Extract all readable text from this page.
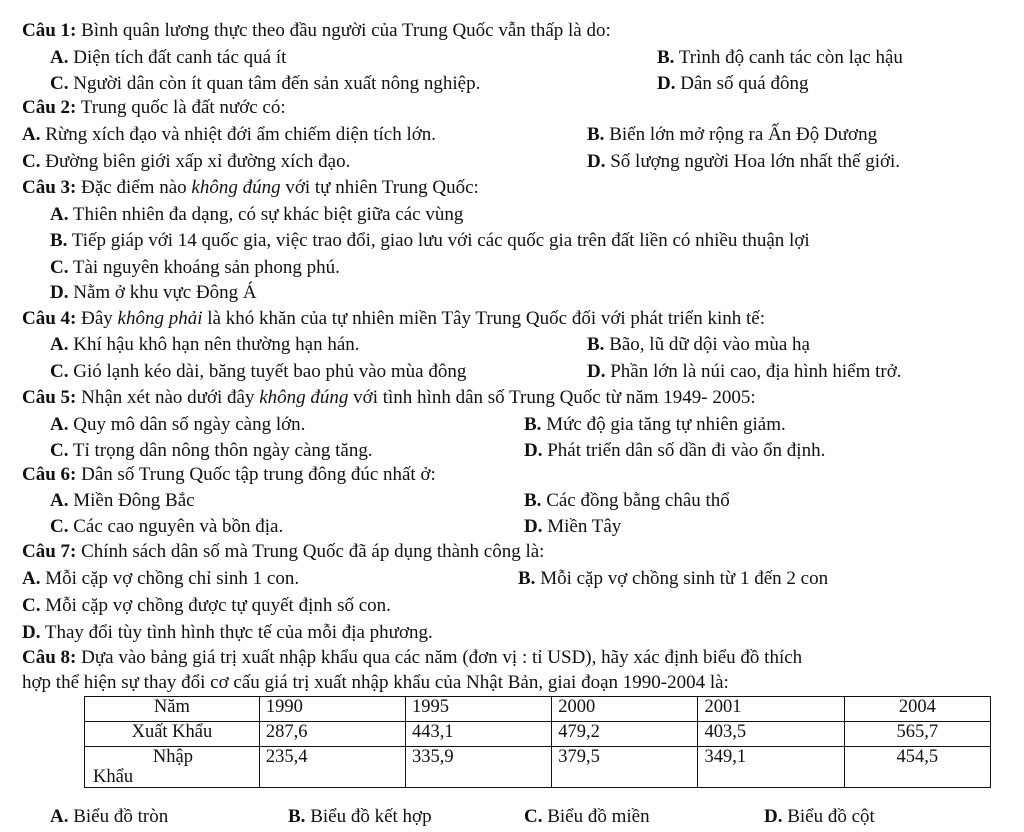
Câu 1: Bình quân lương thực theo đầu người của Trung Quốc vẫn thấp là do:
A. Diện tích đất canh tác quá ít	B. Trình độ canh tác còn lạc hậu
C. Người dân còn ít quan tâm đến sản xuất nông nghiệp.	D. Dân số quá đông
Câu 2: Trung quốc là đất nước có:
A. Rừng xích đạo và nhiệt đới ẩm chiếm diện tích lớn.	B. Biển lớn mở rộng ra Ấn Độ Dương
C. Đường biên giới xấp xỉ đường xích đạo.	D. Số lượng người Hoa lớn nhất thế giới.
Câu 3: Đặc điểm nào không đúng với tự nhiên Trung Quốc:
A. Thiên nhiên đa dạng, có sự khác biệt giữa các vùng
B. Tiếp giáp với 14 quốc gia, việc trao đổi, giao lưu với các quốc gia trên đất liền có nhiều thuận lợi
C. Tài nguyên khoáng sản phong phú.
D. Nằm ở khu vực Đông Á
Câu 4: Đây không phải là khó khăn của tự nhiên miền Tây Trung Quốc đối với phát triển kinh tế:
A. Khí hậu khô hạn nên thường hạn hán.	B. Bão, lũ dữ dội vào mùa hạ
C. Gió lạnh kéo dài, băng tuyết bao phủ vào mùa đông	D. Phần lớn là núi cao, địa hình hiểm trở.
Câu 5: Nhận xét nào dưới đây không đúng với tình hình dân số Trung Quốc từ năm 1949- 2005:
A. Quy mô dân số ngày càng lớn.	B. Mức độ gia tăng tự nhiên giảm.
C. Tỉ trọng dân nông thôn ngày càng tăng.	D. Phát triển dân số dần đi vào ổn định.
Câu 6: Dân số Trung Quốc tập trung đông đúc nhất ở:
A. Miền Đông Bắc	B. Các đồng bằng châu thổ
C. Các cao nguyên và bồn địa.	D. Miền Tây
Câu 7: Chính sách dân số mà Trung Quốc đã áp dụng thành công là:
A. Mỗi cặp vợ chồng chỉ sinh 1 con.	B. Mỗi cặp vợ chồng sinh từ 1 đến 2 con
C. Mỗi cặp vợ chồng được tự quyết định số con.
D. Thay đổi tùy tình hình thực tế của mỗi địa phương.
Câu 8: Dựa vào bảng giá trị xuất nhập khẩu qua các năm (đơn vị : tỉ USD), hãy xác định biểu đồ thích
hợp thể hiện sự thay đổi cơ cấu giá trị xuất nhập khẩu của Nhật Bản, giai đoạn 1990-2004 là:
Năm	1990	1995	2000	2001	2004
Xuất Khẩu	287,6	443,1	479,2	403,5	565,7

Nhập
Khẩu	235,4	335,9	379,5	349,1	454,5
A. Biểu đồ tròn	B. Biểu đồ kết hợp	C. Biểu đồ miền	D. Biểu đồ cột
